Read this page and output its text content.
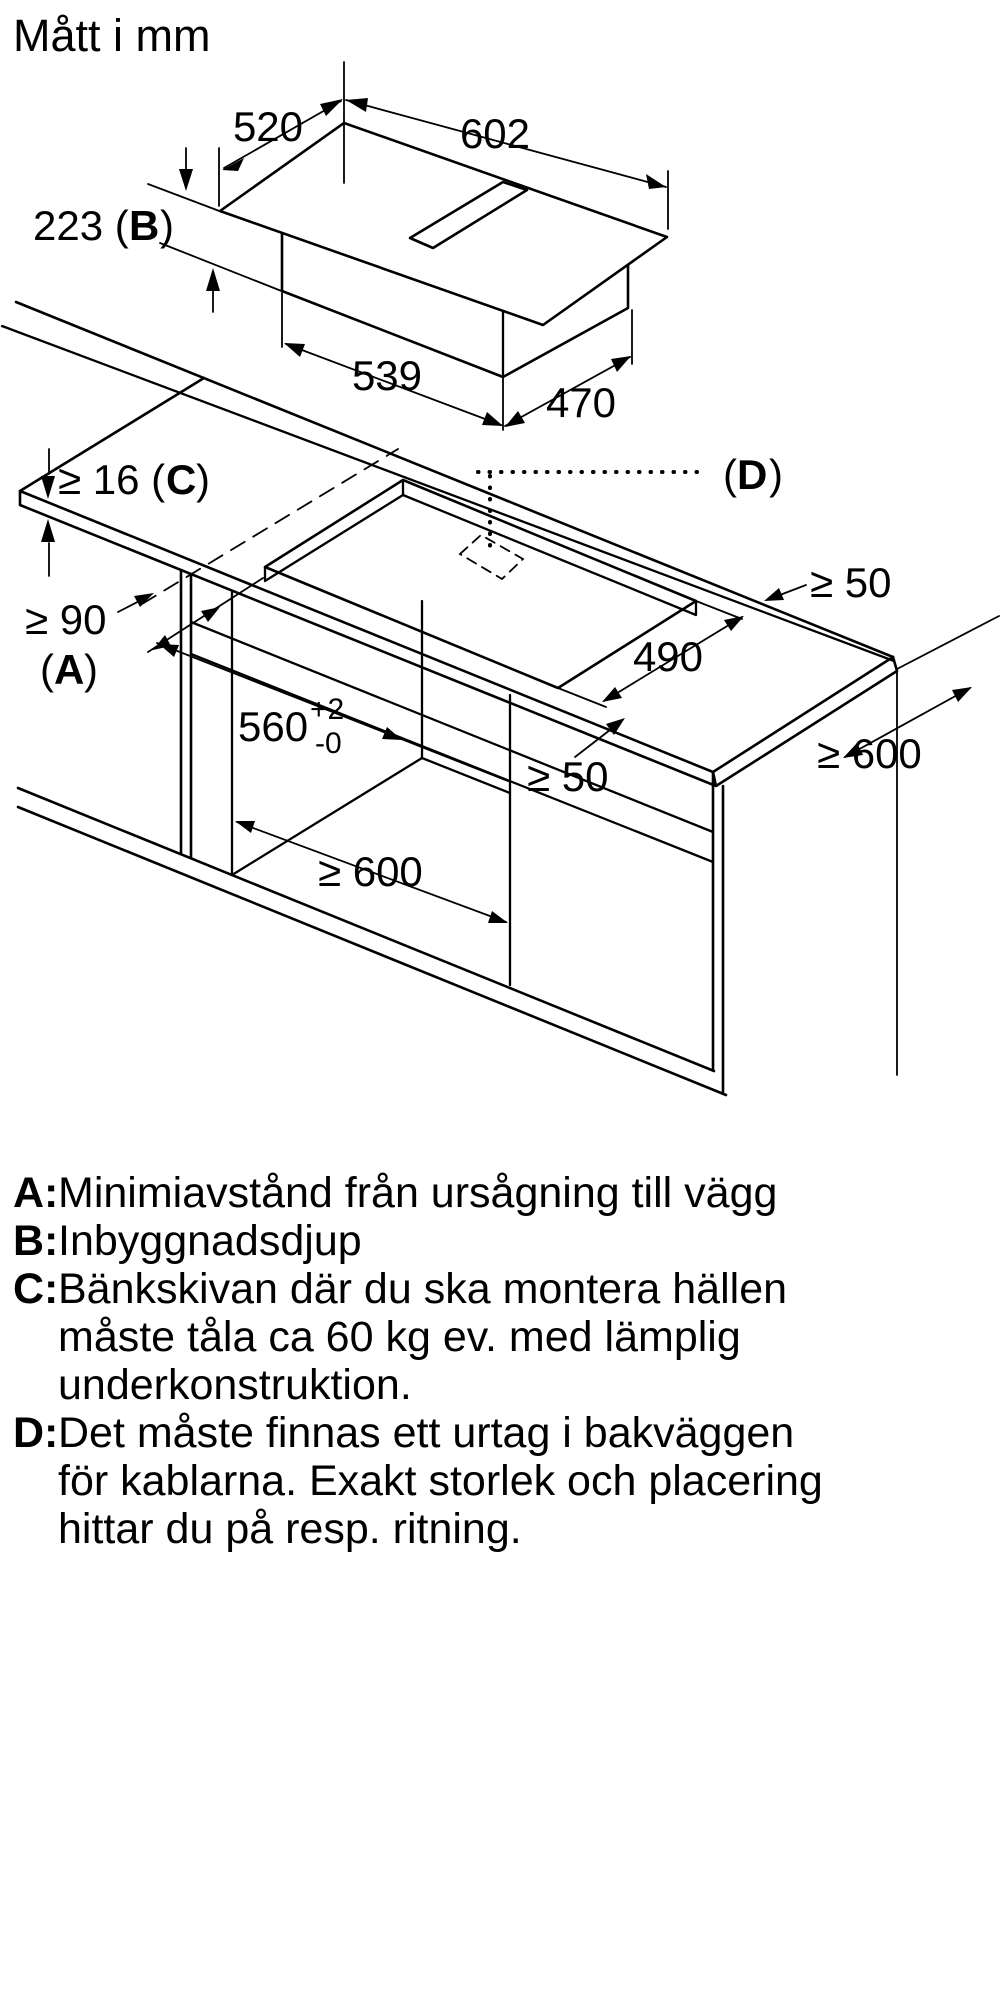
Mått i mm
520	602
223 ( B )
539
470
( D )
≥ 16 ( C )
≥ 90
( A )
560 +2
-0
490
≥ 50
≥ 600
≥ 50
≥ 600
A: Minimiavstånd från ursågning till vägg
B: Inbyggnadsdjup
C: Bänkskivan där du ska montera hällen
måste tåla ca 60 kg ev. med lämplig
underkonstruktion.
D: Det måste finnas ett urtag i bakväggen
för kablarna. Exakt storlek och placering
hittar du på resp. ritning.
